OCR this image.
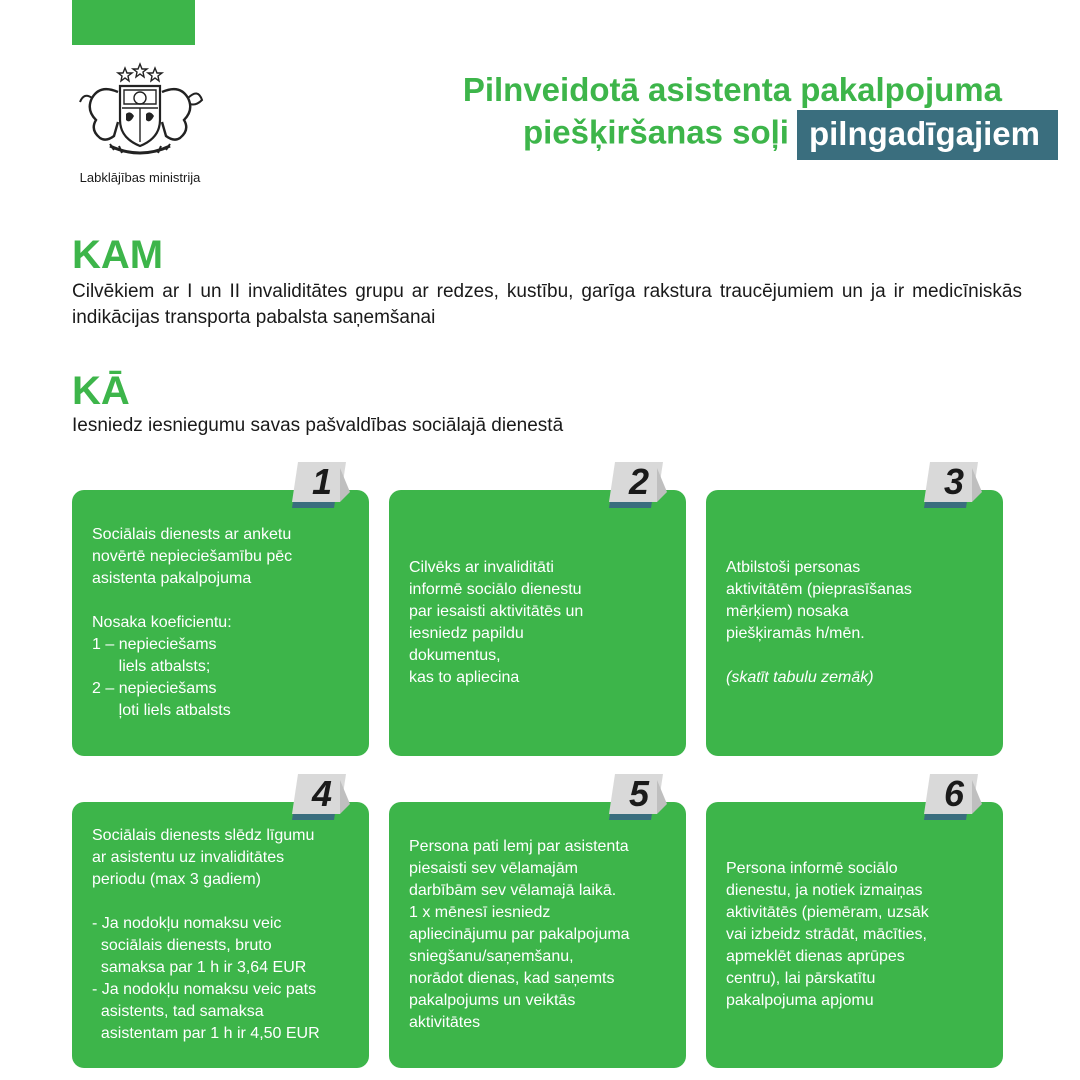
Labklājības ministrija
Pilnveidotā asistenta pakalpojuma
piešķiršanas soļi pilngadīgajiem
KAM
Cilvēkiem ar I un II invaliditātes grupu ar redzes, kustību, garīga rakstura traucējumiem un ja ir medicīniskās indikācijas transporta pabalsta saņemšanai
KĀ
Iesniedz iesniegumu savas pašvaldības sociālajā dienestā

Sociālais dienests ar anketu
novērtē nepieciešamību pēc
asistenta pakalpojuma

Nosaka koeficientu:
1 – nepieciešams
liels atbalsts;
2 – nepieciešams
ļoti liels atbalsts

Cilvēks ar invaliditāti
informē sociālo dienestu
par iesaisti aktivitātēs un
iesniedz papildu
dokumentus,
kas to apliecina

Atbilstoši personas
aktivitātēm (pieprasīšanas
mērķiem) nosaka
piešķiramās h/mēn.

(skatīt tabulu zemāk)

Sociālais dienests slēdz līgumu
ar asistentu uz invaliditātes
periodu (max 3 gadiem)

- Ja nodokļu nomaksu veic
sociālais dienests, bruto
samaksa par 1 h ir 3,64 EUR
- Ja nodokļu nomaksu veic pats
asistents, tad samaksa
asistentam par 1 h ir 4,50 EUR

Persona pati lemj par asistenta
piesaisti sev vēlamajām
darbībām sev vēlamajā laikā.
1 x mēnesī iesniedz
apliecinājumu par pakalpojuma
sniegšanu/saņemšanu,
norādot dienas, kad saņemts
pakalpojums un veiktās
aktivitātes

Persona informē sociālo
dienestu, ja notiek izmaiņas
aktivitātēs (piemēram, uzsāk
vai izbeidz strādāt, mācīties,
apmeklēt dienas aprūpes
centru), lai pārskatītu
pakalpojuma apjomu

1	2	3
4	5	6
